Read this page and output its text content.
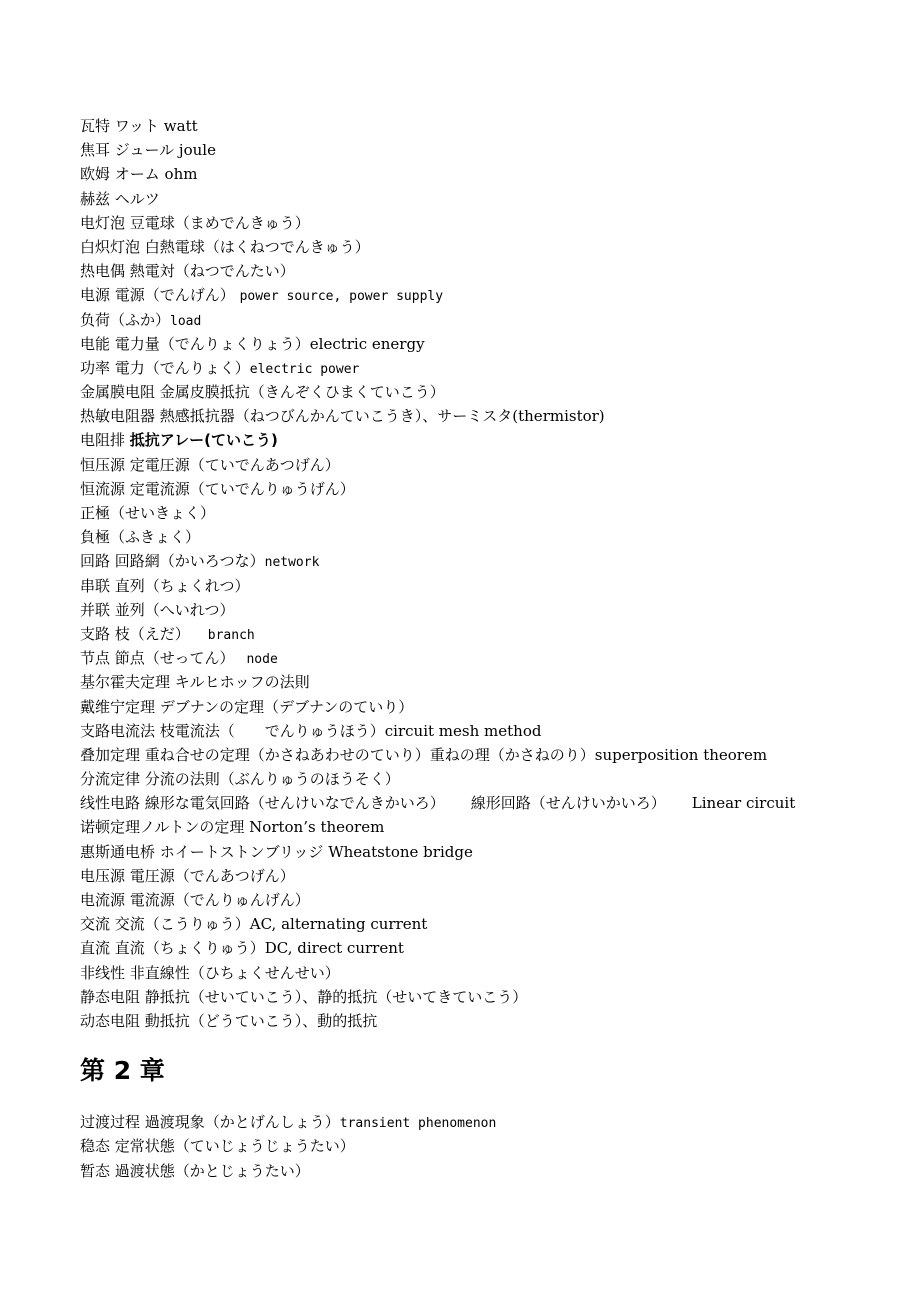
瓦特 ワット watt
焦耳 ジュール joule
欧姆 オーム ohm
赫兹 ヘルツ
电灯泡 豆電球（まめでんきゅう）
白炽灯泡 白熱電球（はくねつでんきゅう）
热电偶 熱電対（ねつでんたい）
电源 電源（でんげん） power source, power supply
负荷（ふか）load
电能 電力量（でんりょくりょう）electric energy
功率 電力（でんりょく）electric power
金属膜电阻 金属皮膜抵抗（きんぞくひまくていこう）
热敏电阻器 熱感抵抗器（ねつびんかんていこうき）、サーミスタ(thermistor)
电阻排 抵抗アレー(ていこう)
恒压源 定電圧源（ていでんあつげん）
恒流源 定電流源（ていでんりゅうげん）
正極（せいきょく）
負極（ふきょく）
回路 回路網（かいろつな）network
串联 直列（ちょくれつ）
并联 並列（へいれつ）
支路 枝（えだ） branch
节点 節点（せってん） node
基尔霍夫定理 キルヒホッフの法則
戴维宁定理 デブナンの定理（デブナンのていり）
支路电流法 枝電流法（ でんりゅうほう）circuit mesh method
叠加定理 重ね合せの定理（かさねあわせのていり）重ねの理（かさねのり）superposition theorem
分流定律 分流の法則（ぶんりゅうのほうそく）
线性电路 線形な電気回路（せんけいなでんきかいろ） 線形回路（せんけいかいろ） Linear circuit
诺顿定理ノルトンの定理 Norton’s theorem
惠斯通电桥 ホイートストンブリッジ Wheatstone bridge
电压源 電圧源（でんあつげん）
电流源 電流源（でんりゅんげん）
交流 交流（こうりゅう）AC, alternating current
直流 直流（ちょくりゅう）DC, direct current
非线性 非直線性（ひちょくせんせい）
静态电阻 静抵抗（せいていこう）、静的抵抗（せいてきていこう）
动态电阻 動抵抗（どうていこう）、動的抵抗
第 2 章
过渡过程 過渡現象（かとげんしょう）transient phenomenon
稳态 定常状態（ていじょうじょうたい）
暂态 過渡状態（かとじょうたい）
